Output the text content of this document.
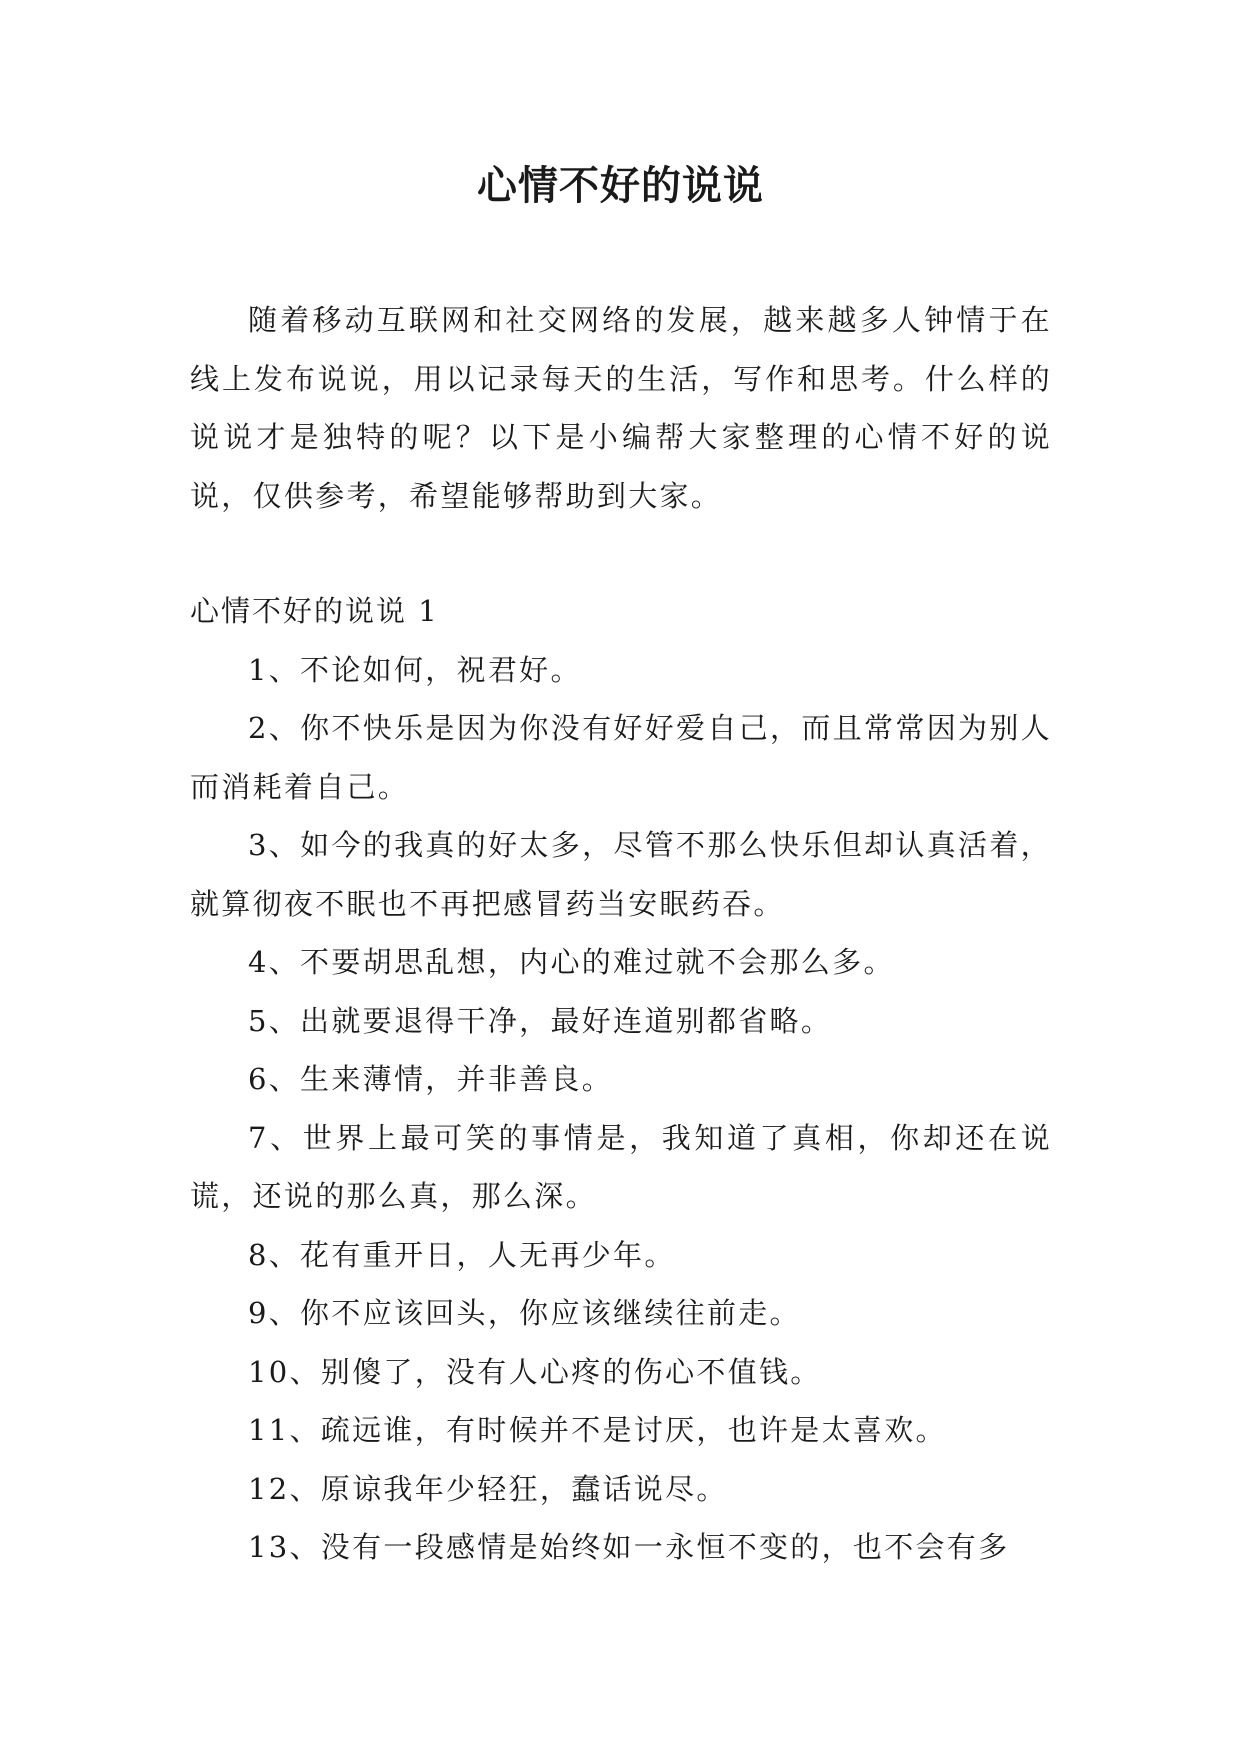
心情不好的说说

随着移动互联网和社交网络的发展，越来越多人钟情于在线上发布说说，用以记录每天的生活，写作和思考。什么样的说说才是独特的呢？以下是小编帮大家整理的心情不好的说说，仅供参考，希望能够帮助到大家。

心情不好的说说 1

1、不论如何，祝君好。
2、你不快乐是因为你没有好好爱自己，而且常常因为别人而消耗着自己。
3、如今的我真的好太多，尽管不那么快乐但却认真活着，就算彻夜不眠也不再把感冒药当安眠药吞。
4、不要胡思乱想，内心的难过就不会那么多。
5、出就要退得干净，最好连道别都省略。
6、生来薄情，并非善良。
7、世界上最可笑的事情是，我知道了真相，你却还在说谎，还说的那么真，那么深。
8、花有重开日，人无再少年。
9、你不应该回头，你应该继续往前走。
10、别傻了，没有人心疼的伤心不值钱。
11、疏远谁，有时候并不是讨厌，也许是太喜欢。
12、原谅我年少轻狂，蠢话说尽。
13、没有一段感情是始终如一永恒不变的，也不会有多
